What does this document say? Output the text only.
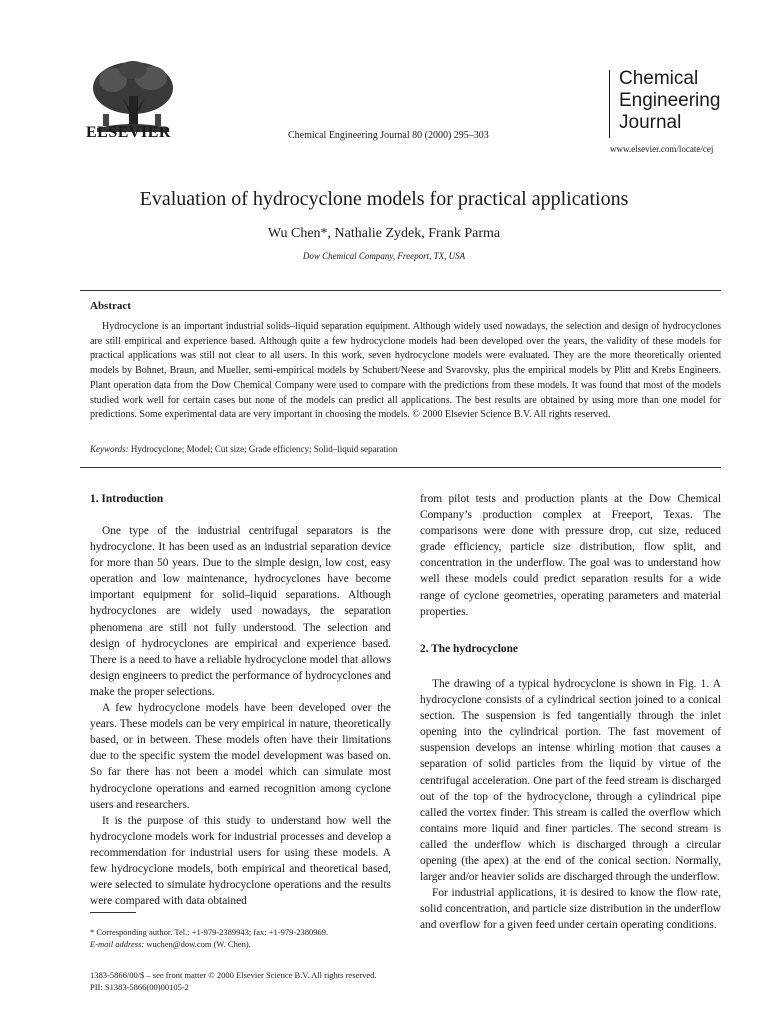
ELSEVIER	Chemical Engineering Journal 80 (2000) 295–303
Chemical
Engineering
Journal
www.elsevier.com/locate/cej
Evaluation of hydrocyclone models for practical applications
Wu Chen*, Nathalie Zydek, Frank Parma
Dow Chemical Company, Freeport, TX, USA
Abstract

Hydrocyclone is an important industrial solids–liquid separation equipment. Although widely used nowadays, the selection and design of hydrocyclones are still empirical and experience based. Although quite a few hydrocyclone models had been developed over the years, the validity of these models for practical applications was still not clear to all users. In this work, seven hydrocyclone models were evaluated. They are the more theoretically oriented models by Bohnet, Braun, and Mueller, semi-empirical models by Schubert/Neese and Svarovsky, plus the empirical models by Plitt and Krebs Engineers. Plant operation data from the Dow Chemical Company were used to compare with the predictions from these models. It was found that most of the models studied work well for certain cases but none of the models can predict all applications. The best results are obtained by using more than one model for predictions. Some experimental data are very important in choosing the models. © 2000 Elsevier Science B.V. All rights reserved.

Keywords: Hydrocyclone; Model; Cut size; Grade efficiency; Solid–liquid separation
1. Introduction

One type of the industrial centrifugal separators is the hydrocyclone. It has been used as an industrial separation device for more than 50 years. Due to the simple design, low cost, easy operation and low maintenance, hydrocyclones have become important equipment for solid–liquid separations. Although hydrocyclones are widely used nowadays, the separation phenomena are still not fully understood. The selection and design of hydrocyclones are empirical and experience based. There is a need to have a reliable hydrocyclone model that allows design engineers to predict the performance of hydrocyclones and make the proper selections.

A few hydrocyclone models have been developed over the years. These models can be very empirical in nature, theoretically based, or in between. These models often have their limitations due to the specific system the model development was based on. So far there has not been a model which can simulate most hydrocyclone operations and earned recognition among cyclone users and researchers.

It is the purpose of this study to understand how well the hydrocyclone models work for industrial processes and develop a recommendation for industrial users for using these models. A few hydrocyclone models, both empirical and theoretical based, were selected to simulate hydrocyclone operations and the results were compared with data obtained

from pilot tests and production plants at the Dow Chemical Company’s production complex at Freeport, Texas. The comparisons were done with pressure drop, cut size, reduced grade efficiency, particle size distribution, flow split, and concentration in the underflow. The goal was to understand how well these models could predict separation results for a wide range of cyclone geometries, operating parameters and material properties.

2. The hydrocyclone

The drawing of a typical hydrocyclone is shown in Fig. 1. A hydrocyclone consists of a cylindrical section joined to a conical section. The suspension is fed tangentially through the inlet opening into the cylindrical portion. The fast movement of suspension develops an intense whirling motion that causes a separation of solid particles from the liquid by virtue of the centrifugal acceleration. One part of the feed stream is discharged out of the top of the hydrocyclone, through a cylindrical pipe called the vortex finder. This stream is called the overflow which contains more liquid and finer particles. The second stream is called the underflow which is discharged through a circular opening (the apex) at the end of the conical section. Normally, larger and/or heavier solids are discharged through the underflow.

For industrial applications, it is desired to know the flow rate, solid concentration, and particle size distribution in the underflow and overflow for a given feed under certain operating conditions.

* Corresponding author. Tel.: +1-979-2389943; fax: +1-979-2380969.
E-mail address: wuchen@dow.com (W. Chen).
1383-5866/00/$ – see front matter © 2000 Elsevier Science B.V. All rights reserved.
PII: S1383-5866(00)00105-2
